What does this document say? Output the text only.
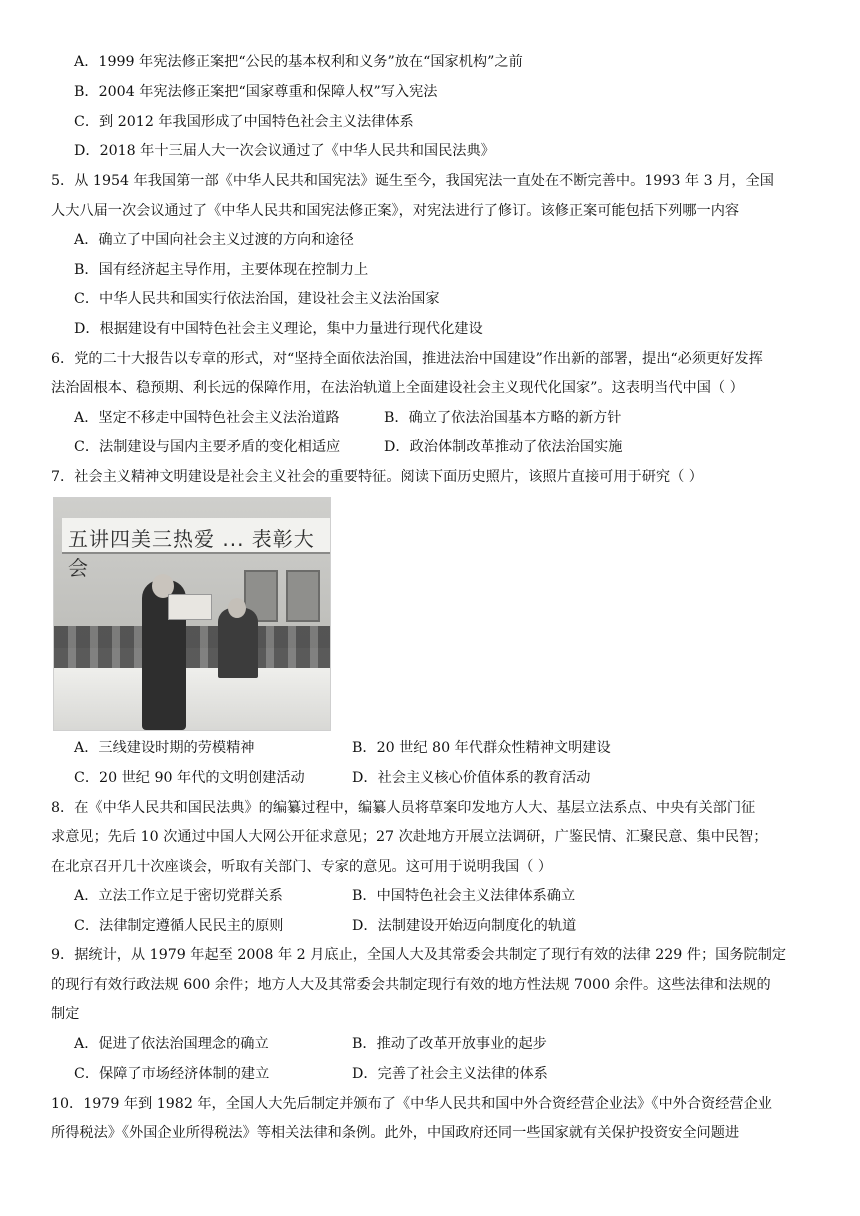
A．1999 年宪法修正案把“公民的基本权利和义务”放在“国家机构”之前
B．2004 年宪法修正案把“国家尊重和保障人权”写入宪法
C．到 2012 年我国形成了中国特色社会主义法律体系
D．2018 年十三届人大一次会议通过了《中华人民共和国民法典》
5．从 1954 年我国第一部《中华人民共和国宪法》诞生至今，我国宪法一直处在不断完善中。1993 年 3 月，全国
人大八届一次会议通过了《中华人民共和国宪法修正案》，对宪法进行了修订。该修正案可能包括下列哪一内容
A．确立了中国向社会主义过渡的方向和途径
B．国有经济起主导作用，主要体现在控制力上
C．中华人民共和国实行依法治国，建设社会主义法治国家
D．根据建设有中国特色社会主义理论，集中力量进行现代化建设
6．党的二十大报告以专章的形式，对“坚持全面依法治国，推进法治中国建设”作出新的部署，提出“必须更好发挥
法治固根本、稳预期、利长远的保障作用，在法治轨道上全面建设社会主义现代化国家”。这表明当代中国（ ）
A．坚定不移走中国特色社会主义法治道路	B．确立了依法治国基本方略的新方针
C．法制建设与国内主要矛盾的变化相适应	D．政治体制改革推动了依法治国实施
7．社会主义精神文明建设是社会主义社会的重要特征。阅读下面历史照片，该照片直接可用于研究（ ）
五讲四美三热爱 ... 表彰大会
A．三线建设时期的劳模精神	B．20 世纪 80 年代群众性精神文明建设
C．20 世纪 90 年代的文明创建活动	D．社会主义核心价值体系的教育活动
8．在《中华人民共和国民法典》的编纂过程中，编纂人员将草案印发地方人大、基层立法系点、中央有关部门征
求意见；先后 10 次通过中国人大网公开征求意见；27 次赴地方开展立法调研，广鉴民情、汇聚民意、集中民智；
在北京召开几十次座谈会，听取有关部门、专家的意见。这可用于说明我国（ ）
A．立法工作立足于密切党群关系	B．中国特色社会主义法律体系确立
C．法律制定遵循人民民主的原则	D．法制建设开始迈向制度化的轨道
9．据统计，从 1979 年起至 2008 年 2 月底止，全国人大及其常委会共制定了现行有效的法律 229 件；国务院制定
的现行有效行政法规 600 余件；地方人大及其常委会共制定现行有效的地方性法规 7000 余件。这些法律和法规的
制定
A．促进了依法治国理念的确立	B．推动了改革开放事业的起步
C．保障了市场经济体制的建立	D．完善了社会主义法律的体系
10．1979 年到 1982 年，全国人大先后制定并颁布了《中华人民共和国中外合资经营企业法》《中外合资经营企业
所得税法》《外国企业所得税法》等相关法律和条例。此外，中国政府还同一些国家就有关保护投资安全问题进
